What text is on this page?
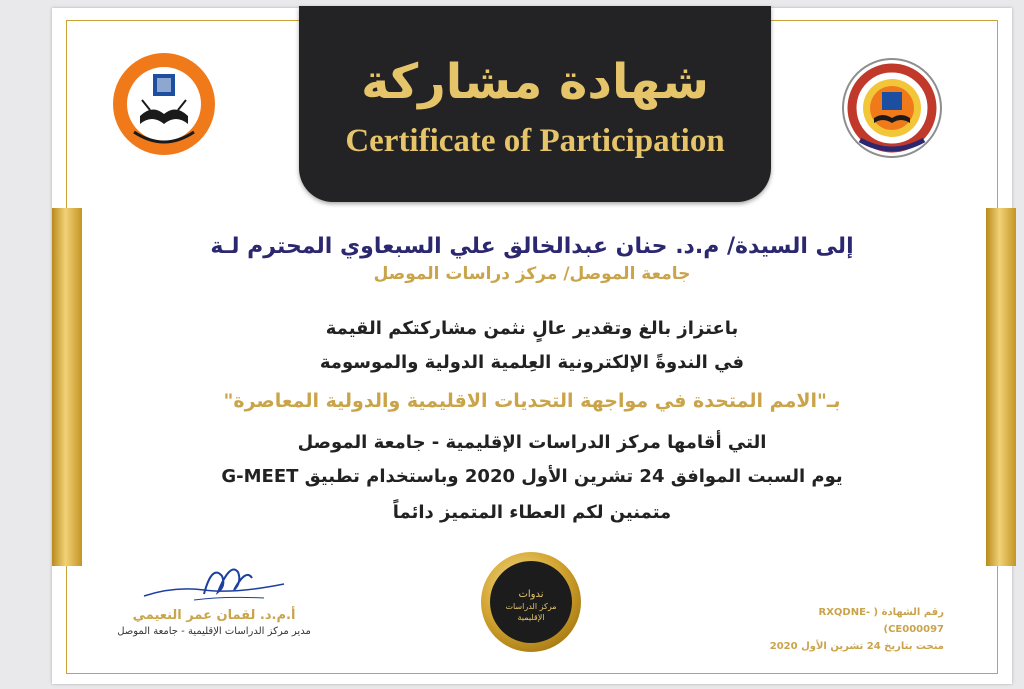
شهادة مشاركة
Certificate of Participation
إلى السيدة/ م.د. حنان عبدالخالق علي السبعاوي المحترم لـة
جامعة الموصل/ مركز دراسات الموصل
باعتزاز بالغ وتقدير عالٍ نثمن مشاركتكم القيمة
في الندوةً الإلكترونية العِلمية الدولية والموسومة
بـ"الامم المتحدة في مواجهة التحديات الاقليمية والدولية المعاصرة"
التي أقامها مركز الدراسات الإقليمية - جامعة الموصل
يوم السبت الموافق 24 تشرين الأول 2020 وباستخدام تطبيق G-MEET
متمنين لكم العطاء المتميز دائماً
ندوات
مركز الدراسات
الإقليمية
أ.م.د. لقمان عمر النعيمي
مدير مركز الدراسات الإقليمية - جامعة الموصل
رقم الشهادة ( RXQDNE-CE000097)
منحت بتاريخ 24 تشرين الأول 2020
